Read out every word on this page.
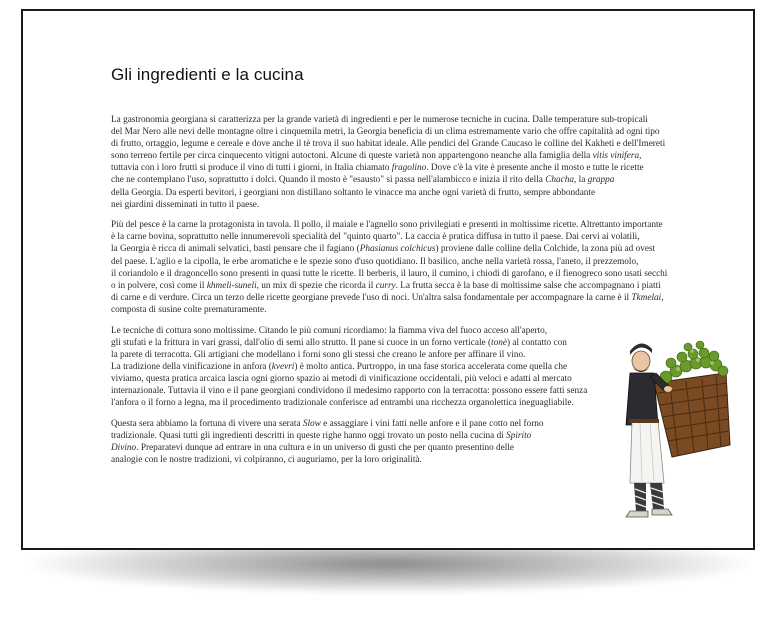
Gli ingredienti e la cucina

La gastronomia georgiana si caratterizza per la grande varietà di ingredienti e per le numerose tecniche in cucina. Dalle temperature sub-tropicali
del Mar Nero alle nevi delle montagne oltre i cinquemila metri, la Georgia beneficia di un clima estremamente vario che offre capitalità ad ogni tipo
di frutto, ortaggio, legume e cereale e dove anche il tè trova il suo habitat ideale. Alle pendici del Grande Caucaso le colline del Kakheti e dell'Imereti
sono terreno fertile per circa cinquecento vitigni autoctoni. Alcune di queste varietà non appartengono neanche alla famiglia della vitis vinifera,
tuttavia con i loro frutti si produce il vino di tutti i giorni, in Italia chiamato fragolino. Dove c'è la vite è presente anche il mosto e tutte le ricette
che ne contemplano l'uso, soprattutto i dolci. Quando il mosto è "esausto" si passa nell'alambicco e inizia il rito della Chacha, la grappa
della Georgia. Da esperti bevitori, i georgiani non distillano soltanto le vinacce ma anche ogni varietà di frutto, sempre abbondante
nei giardini disseminati in tutto il paese.

Più del pesce è la carne la protagonista in tavola. Il pollo, il maiale e l'agnello sono privilegiati e presenti in moltissime ricette. Altrettanto importante
è la carne bovina, soprattutto nelle innumerevoli specialità del "quinto quarto". La caccia è pratica diffusa in tutto il paese. Dai cervi ai volatili,
la Georgia è ricca di animali selvatici, basti pensare che il fagiano (Phasianus colchicus) proviene dalle colline della Colchide, la zona più ad ovest
del paese. L'aglio e la cipolla, le erbe aromatiche e le spezie sono d'uso quotidiano. Il basilico, anche nella varietà rossa, l'aneto, il prezzemolo,
il coriandolo e il dragoncello sono presenti in quasi tutte le ricette. Il berberis, il lauro, il cumino, i chiodi di garofano, e il fienogreco sono usati secchi
o in polvere, così come il khmeli-suneli, un mix di spezie che ricorda il curry. La frutta secca è la base di moltissime salse che accompagnano i piatti
di carne e di verdure. Circa un terzo delle ricette georgiane prevede l'uso di noci. Un'altra salsa fondamentale per accompagnare la carne è il Tkmelai,
composta di susine colte prematuramente.

Le tecniche di cottura sono moltissime. Citando le più comuni ricordiamo: la fiamma viva del fuoco acceso all'aperto,
gli stufati e la frittura in vari grassi, dall'olio di semi allo strutto. Il pane si cuoce in un forno verticale (tonè) al contatto con
la parete di terracotta. Gli artigiani che modellano i forni sono gli stessi che creano le anfore per affinare il vino.
La tradizione della vinificazione in anfora (kvevri) è molto antica. Purtroppo, in una fase storica accelerata come quella che
viviamo, questa pratica arcaica lascia ogni giorno spazio ai metodi di vinificazione occidentali, più veloci e adatti al mercato
internazionale. Tuttavia il vino e il pane georgiani condividono il medesimo rapporto con la terracotta: possono essere fatti senza
l'anfora o il forno a legna, ma il procedimento tradizionale conferisce ad entrambi una ricchezza organolettica ineguagliabile.

Questa sera abbiamo la fortuna di vivere una serata Slow e assaggiare i vini fatti nelle anfore e il pane cotto nel forno
tradizionale. Quasi tutti gli ingredienti descritti in queste righe hanno oggi trovato un posto nella cucina di Spirito
Divino. Preparatevi dunque ad entrare in una cultura e in un universo di gusti che per quanto presentino delle
analogie con le nostre tradizioni, vi colpiranno, ci auguriamo, per la loro originalità.
